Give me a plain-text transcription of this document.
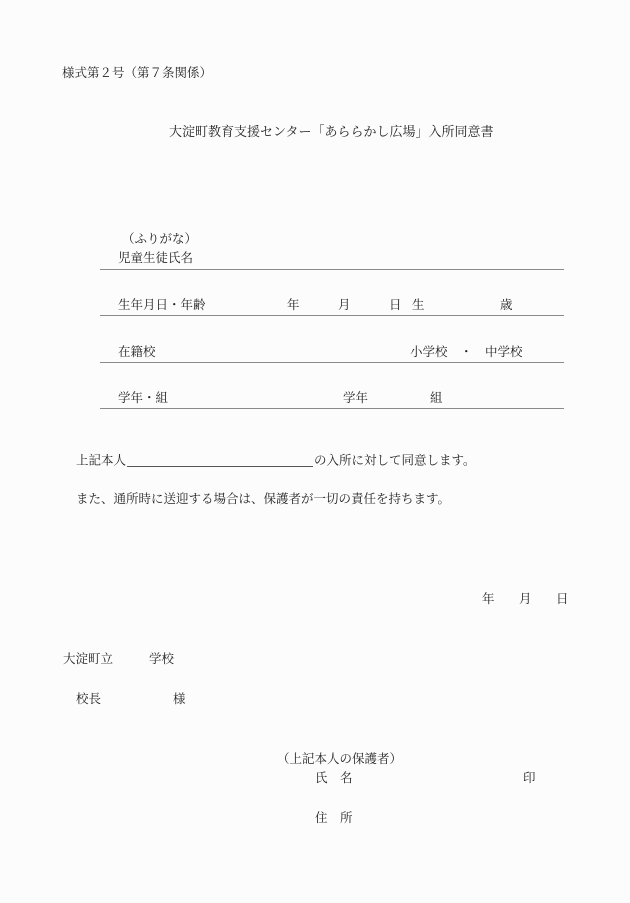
様式第２号（第７条関係）
大淀町教育支援センター「あららかし広場」入所同意書
（ふりがな）
児童生徒氏名
生年月日・年齢	年	月	日 生	歳
在籍校	小学校　・　中学校
学年・組	学年	組
上記本人	の入所に対して同意します。
また、通所時に送迎する場合は、保護者が一切の責任を持ちます。
年 月 日
大淀町立	学校
校長	様
（上記本人の保護者）
氏　名	印
住　所
